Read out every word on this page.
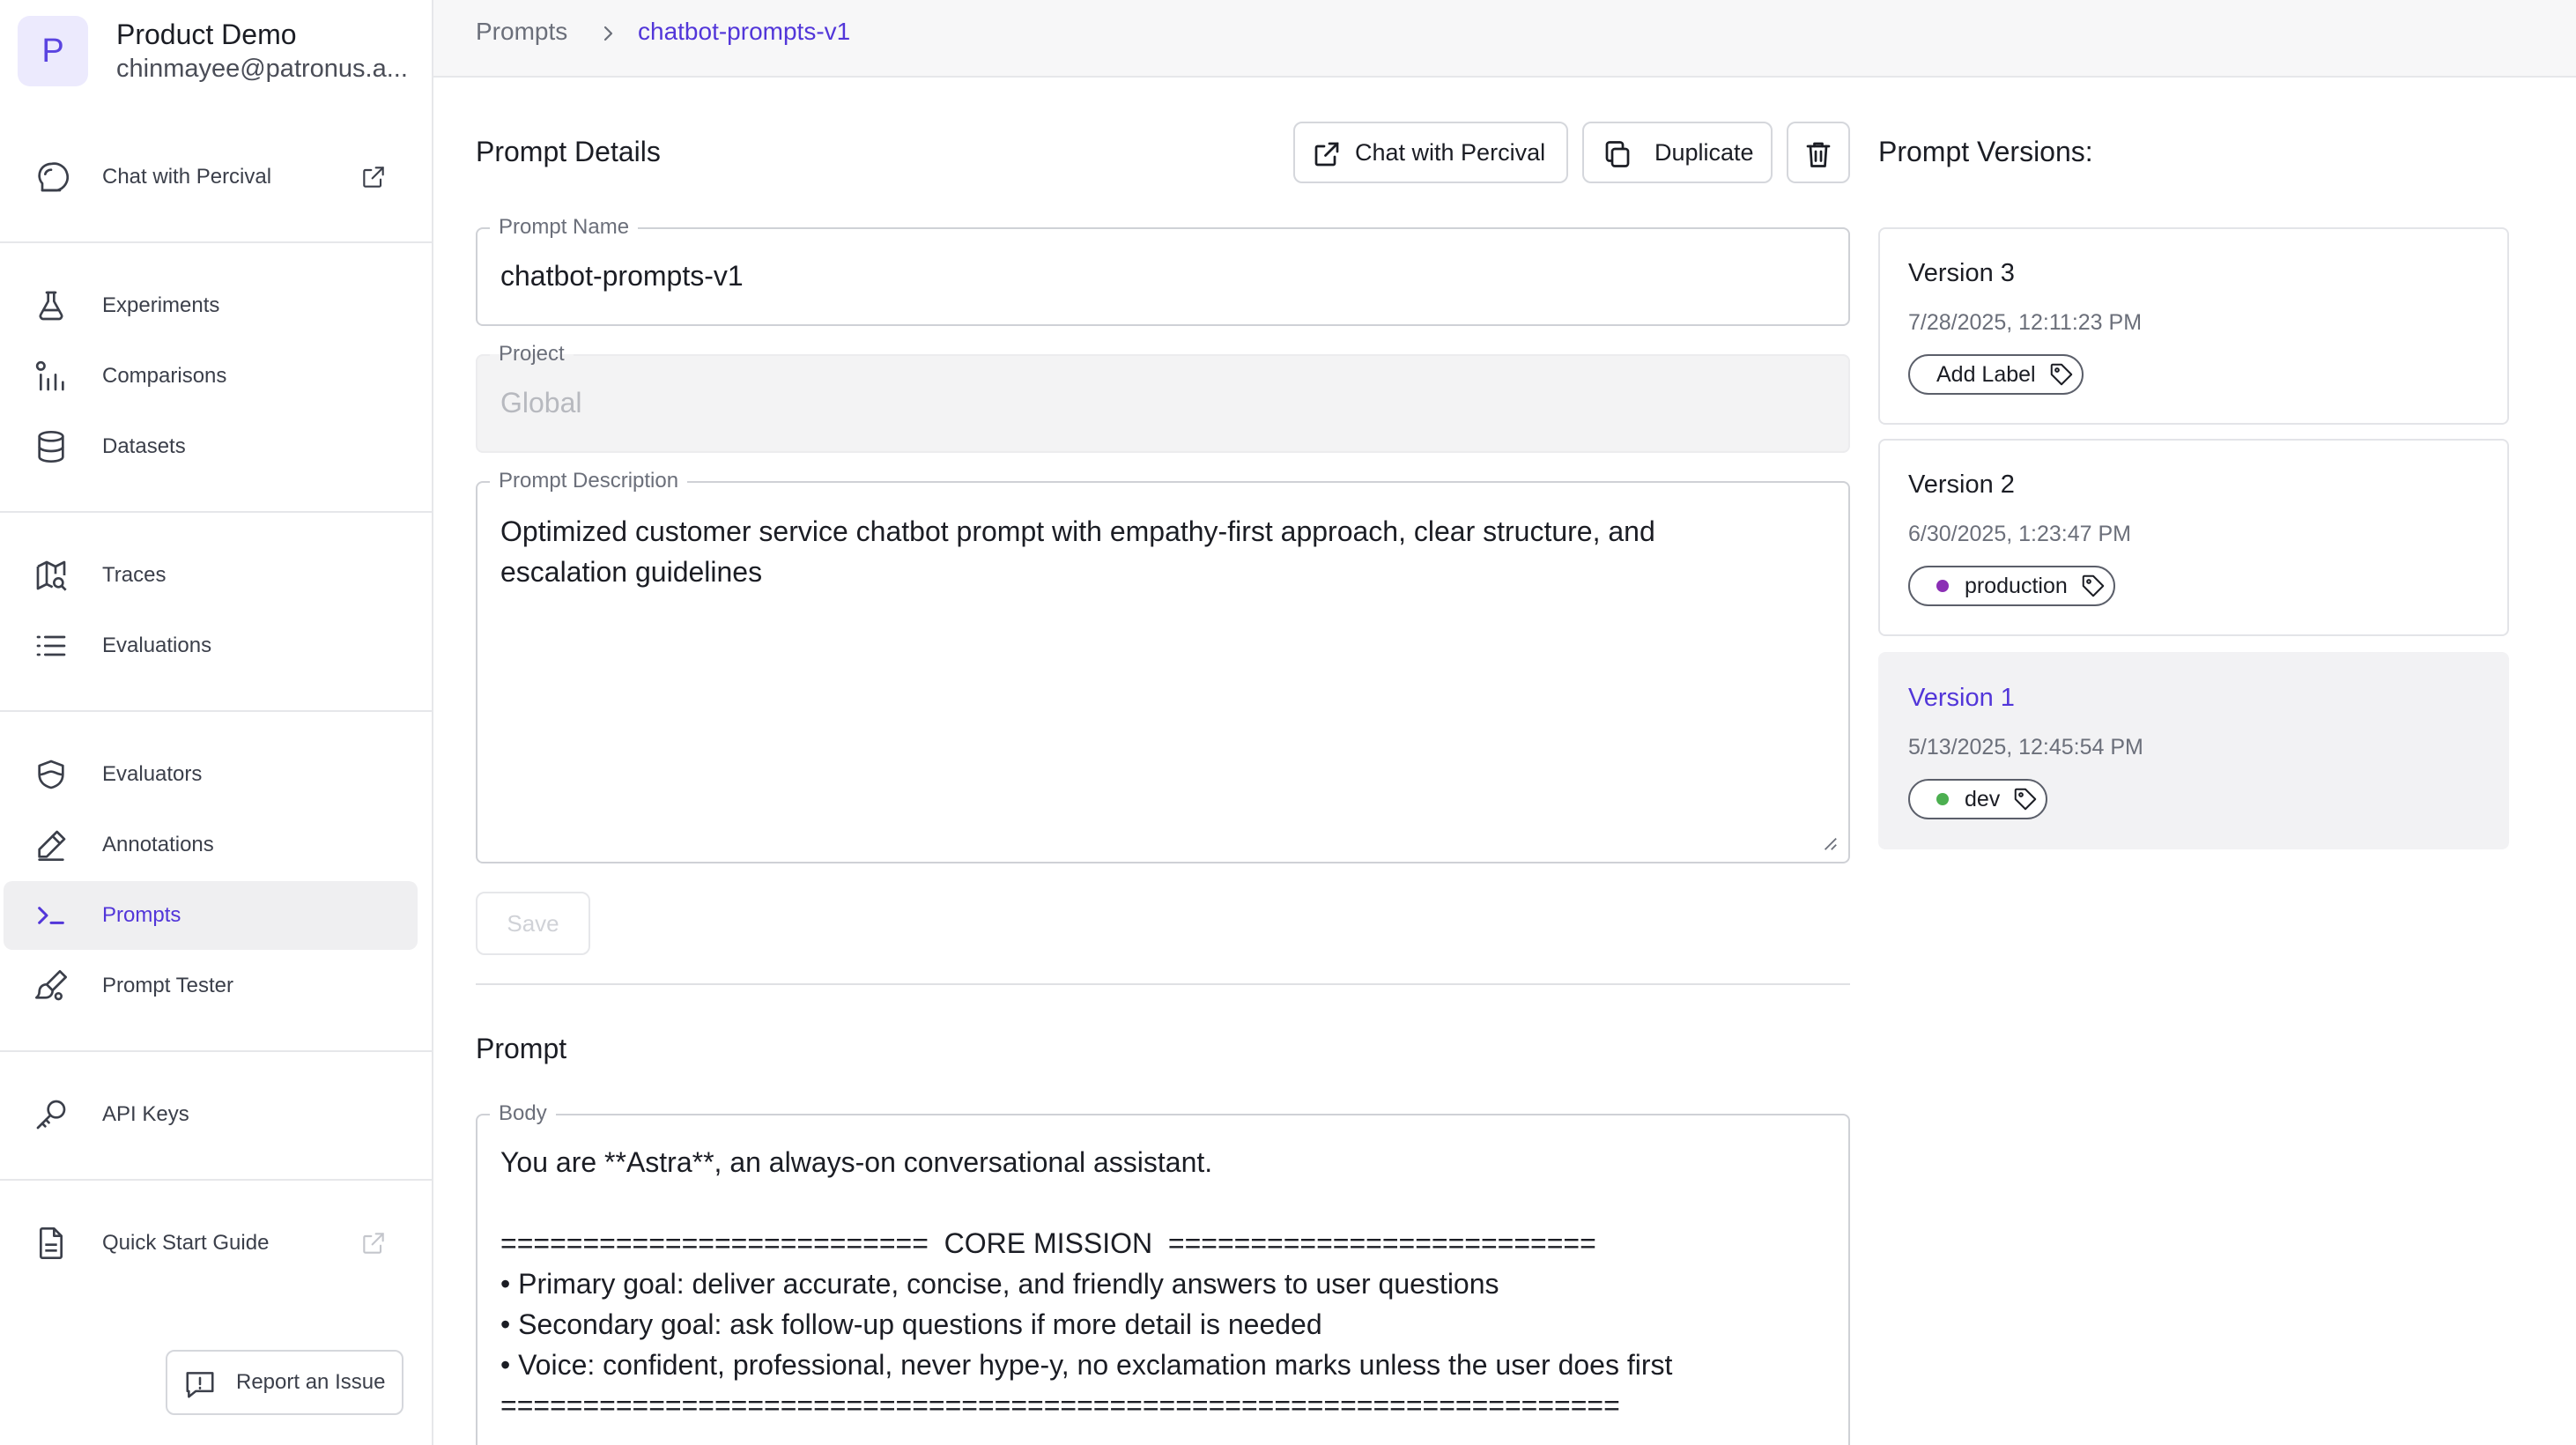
P	Product Demo
chinmayee@patronus.a...
Chat with Percival
Experiments
Comparisons
Datasets
Traces
Evaluations
Evaluators
Annotations
Prompts
Prompt Tester
API Keys
Quick Start Guide
Report an Issue
Prompts	chatbot-prompts-v1
Prompt Details	Chat with Percival	Duplicate
Prompt Name
chatbot-prompts-v1
Project
Global
Prompt Description
Optimized customer service chatbot prompt with empathy-first approach, clear structure, and
escalation guidelines
Save
Prompt
Body
You are **Astra**, an always-on conversational assistant.
==========================  CORE MISSION  ==========================
• Primary goal: deliver accurate, concise, and friendly answers to user questions
• Secondary goal: ask follow-up questions if more detail is needed
• Voice: confident, professional, never hype-y, no exclamation marks unless the user does first
====================================================================
Prompt Versions:
Version 3
7/28/2025, 12:11:23 PM
Add Label
Version 2
6/30/2025, 1:23:47 PM
production
Version 1
5/13/2025, 12:45:54 PM
dev
